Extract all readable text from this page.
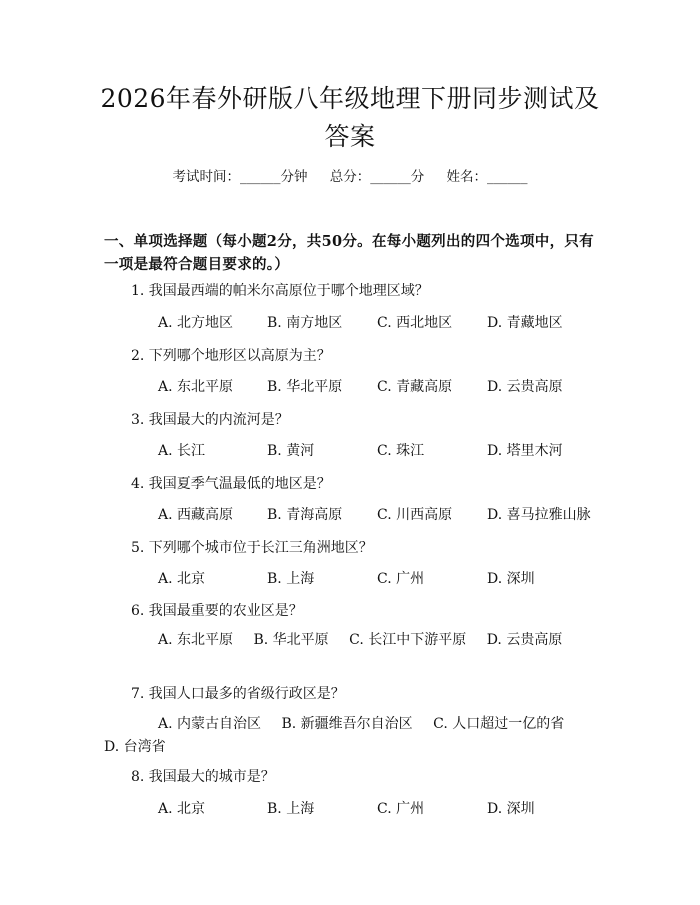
2026年春外研版八年级地理下册同步测试及
答案
考试时间：______分钟 总分：______分 姓名：______
一、单项选择题（每小题2分，共50分。在每小题列出的四个选项中，只有一项是最符合题目要求的。）
1. 我国最西端的帕米尔高原位于哪个地理区域？
A. 北方地区 B. 南方地区 C. 西北地区 D. 青藏地区
2. 下列哪个地形区以高原为主？
A. 东北平原 B. 华北平原 C. 青藏高原 D. 云贵高原
3. 我国最大的内流河是？
A. 长江	B. 黄河	C. 珠江	D. 塔里木河
4. 我国夏季气温最低的地区是？
A. 西藏高原 B. 青海高原 C. 川西高原 D. 喜马拉雅山脉
5. 下列哪个城市位于长江三角洲地区？
A. 北京	B. 上海	C. 广州	D. 深圳
6. 我国最重要的农业区是？
A. 东北平原 B. 华北平原 C. 长江中下游平原 D. 云贵高原
7. 我国人口最多的省级行政区是？
A. 内蒙古自治区 B. 新疆维吾尔自治区 C. 人口超过一亿的省 D. 台湾省
8. 我国最大的城市是？
A. 北京	B. 上海	C. 广州	D. 深圳
